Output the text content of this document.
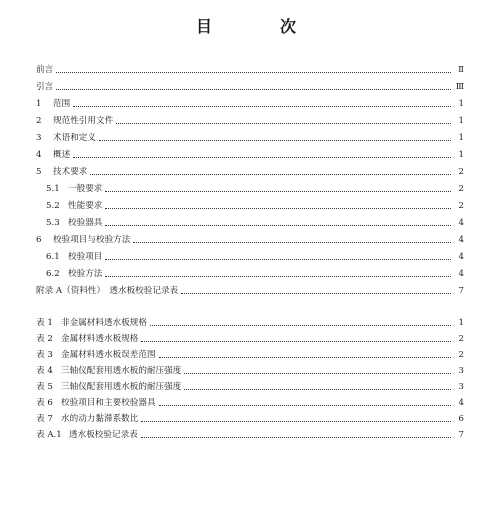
目　次
前言	Ⅱ
引言	Ⅲ
1	范围	1
2	规范性引用文件	1
3	术语和定义	1
4	概述	1
5	技术要求	2
5.1 一般要求	2
5.2 性能要求	2
5.3 校验器具	4
6	校验项目与校验方法	4
6.1 校验项目	4
6.2 校验方法	4
附录 A（资料性）　透水板校验记录表	7
表 1 非金属材料透水板规格	1
表 2 金属材料透水板规格	2
表 3 金属材料透水板误差范围	2
表 4 三轴仪配套用透水板的耐压强度	3
表 5 三轴仪配套用透水板的耐压强度	3
表 6 校验项目和主要校验器具	4
表 7 水的动力黏滞系数比	6
表 A.1 透水板校验记录表	7
